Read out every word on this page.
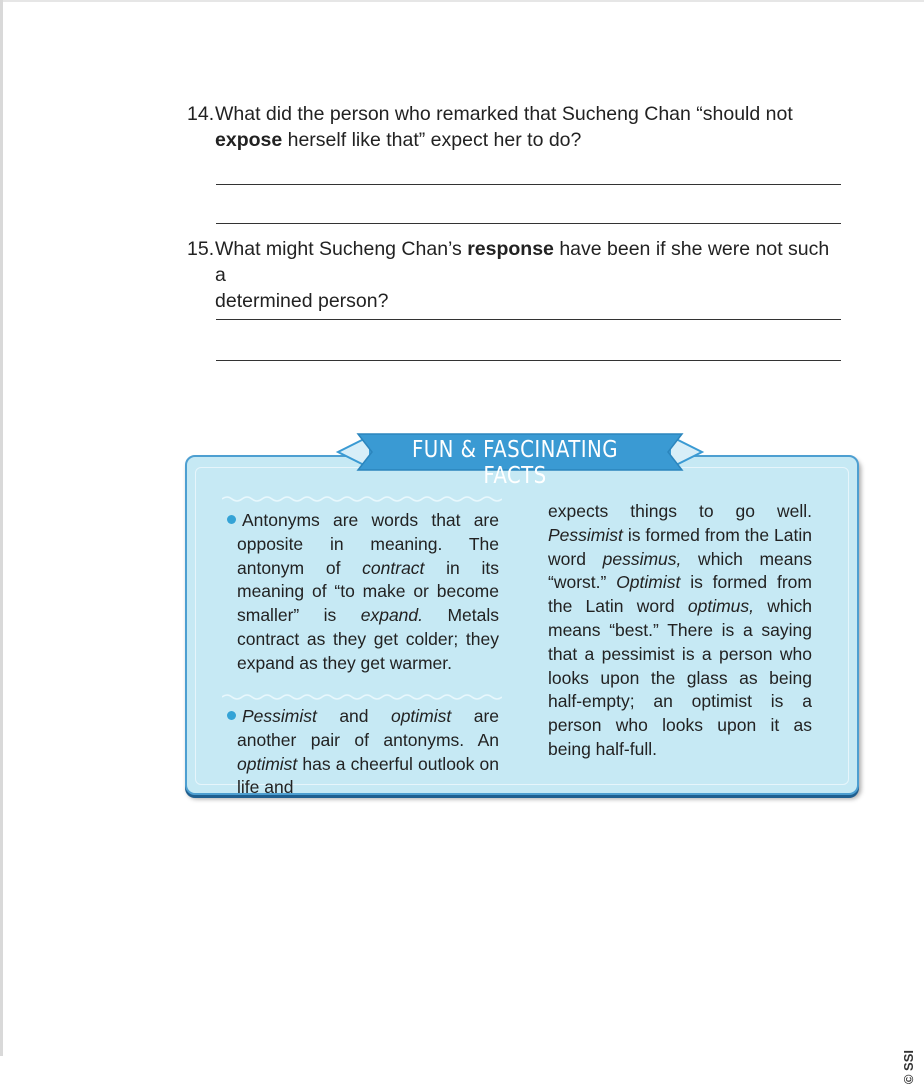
14. What did the person who remarked that Sucheng Chan “should not
expose herself like that” expect her to do?
15. What might Sucheng Chan’s response have been if she were not such a
determined person?
FUN & FASCINATING FACTS

Antonyms are words that are opposite in meaning. The antonym of contract in its meaning of “to make or become smaller” is expand. Metals contract as they get colder; they expand as they get warmer.

Pessimist and optimist are another pair of antonyms. An optimist has a cheerful outlook on life and

expects things to go well. Pessimist is formed from the Latin word pessimus, which means “worst.” Optimist is formed from the Latin word optimus, which means “best.” There is a saying that a pessimist is a person who looks upon the glass as being half-empty; an optimist is a person who looks upon it as being half-full.

© SSI
